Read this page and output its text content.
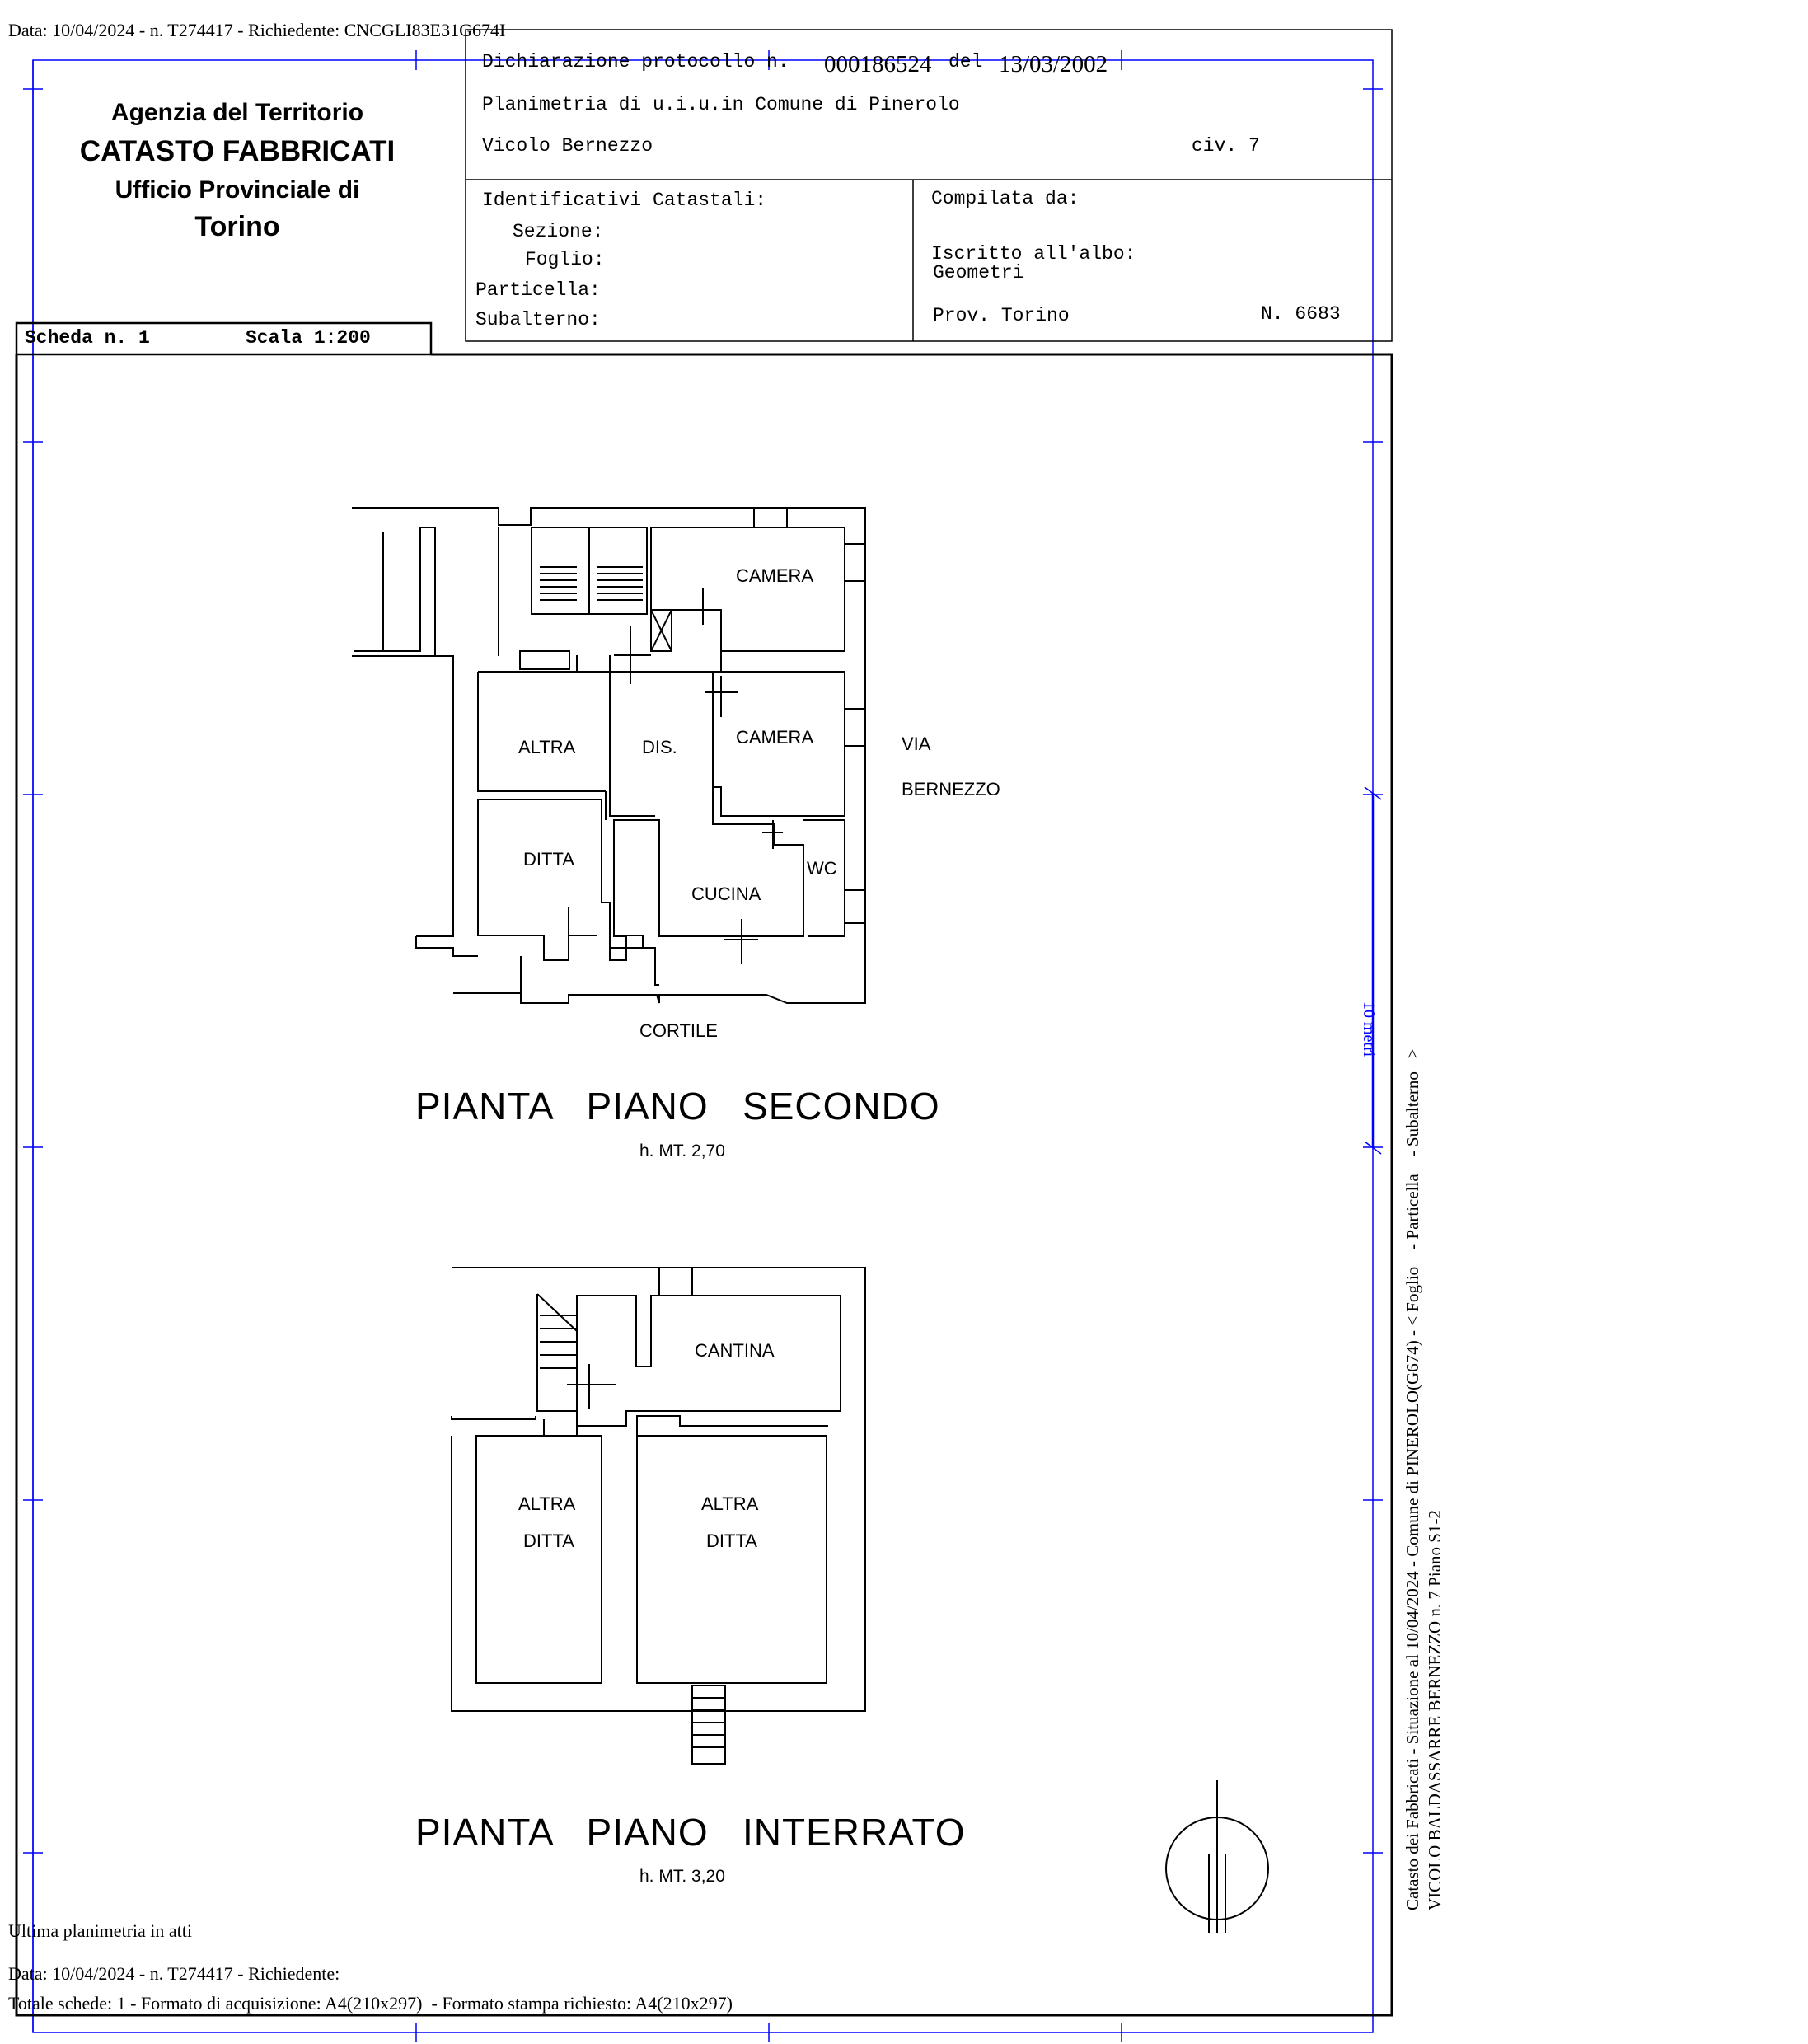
Data: 10/04/2024 - n. T274417 - Richiedente: CNCGLI83E31G674I
Dichiarazione protocollo n. 000186524 del 13/03/2002
Planimetria di u.i.u.in Comune di Pinerolo
Vicolo Bernezzo	civ. 7
Agenzia del Territorio
CATASTO FABBRICATI
Ufficio Provinciale di
Torino
Identificativi Catastali:
Sezione:
Foglio:
Particella:
Subalterno:
Compilata da:
Iscritto all'albo:
Geometri
Prov. Torino	N. 6683
Scheda n. 1	Scala 1:200
CAMERA
CAMERA
ALTRA	DIS.
DITTA
CUCINA
WC
VIA
BERNEZZO
CORTILE
PIANTA   PIANO   SECONDO
h. MT. 2,70
CANTINA
ALTRA
DITTA
ALTRA
DITTA
PIANTA   PIANO   INTERRATO
h. MT. 3,20
10 metri
Catasto dei Fabbricati - Situazione al 10/04/2024 - Comune di PINEROLO(G674) - < Foglio    - Particella    - Subalterno   > VICOLO BALDASSARRE BERNEZZO n. 7 Piano S1-2
Ultima planimetria in atti
Data: 10/04/2024 - n. T274417 - Richiedente:
Totale schede: 1 - Formato di acquisizione: A4(210x297)  - Formato stampa richiesto: A4(210x297)
